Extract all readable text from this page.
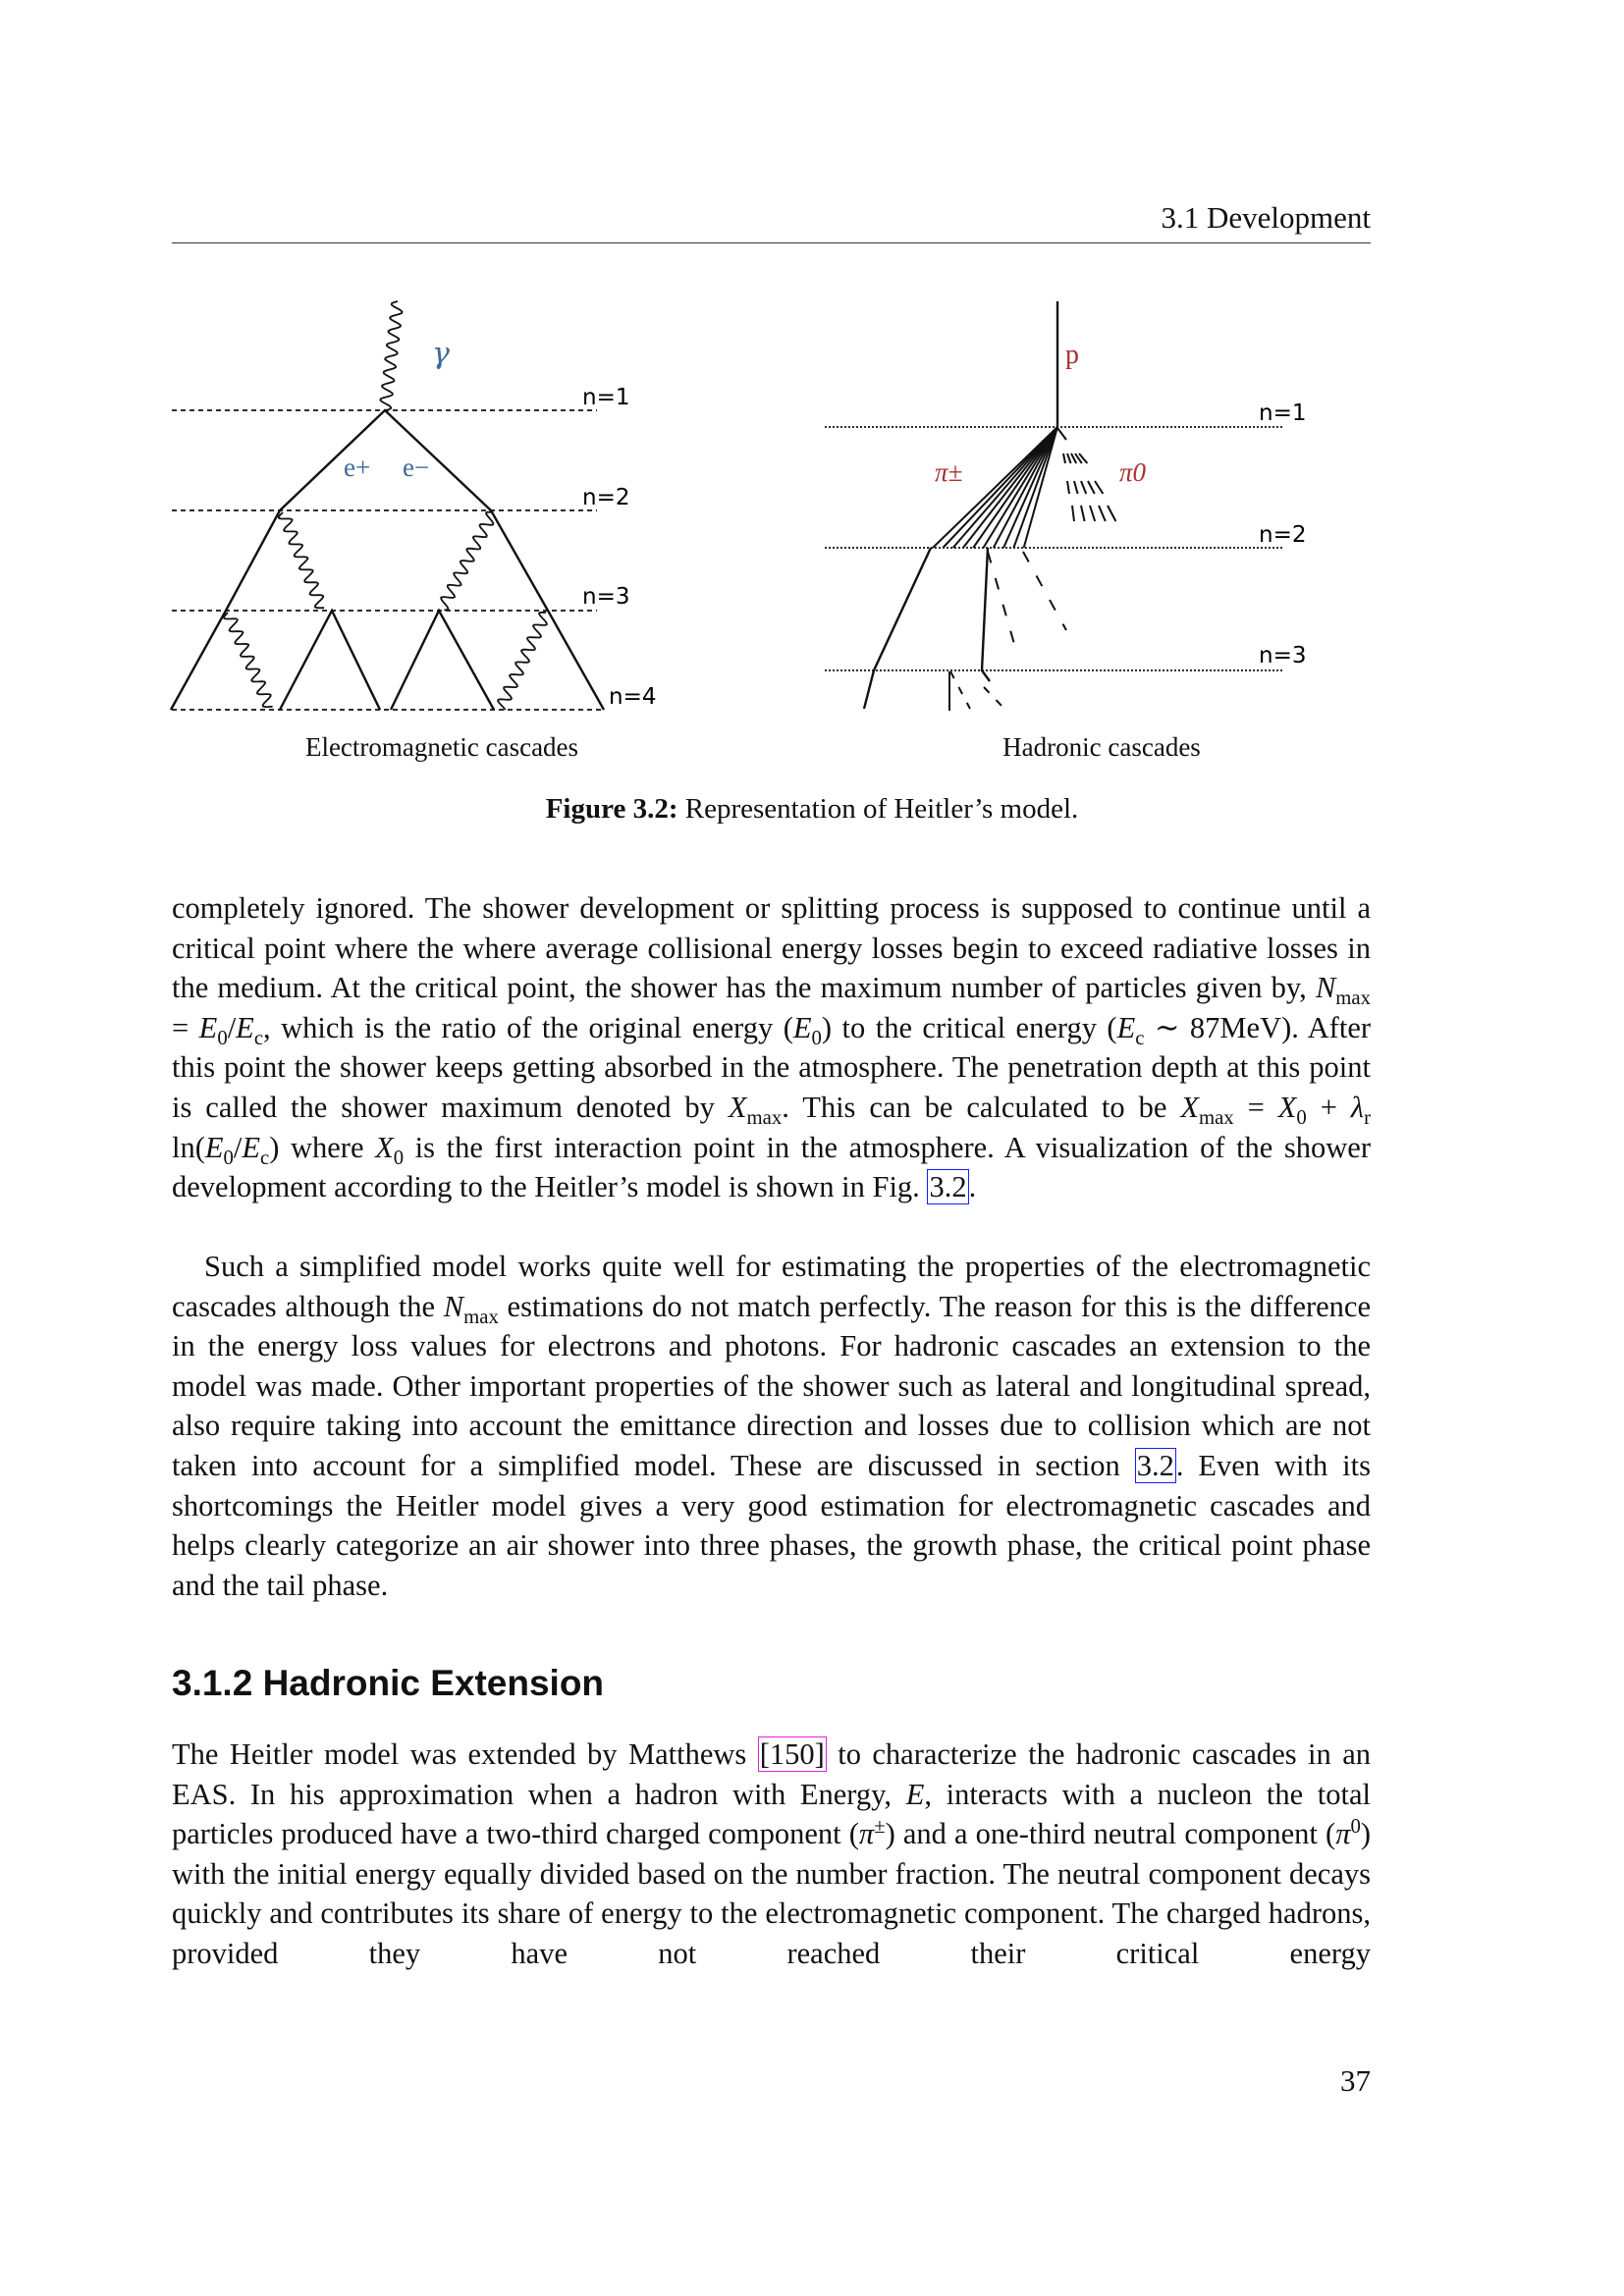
3.1 Development
γ
e+ e−
n=1
n=2
n=3
n=4
p
π±	π0
n=1
n=2
n=3
Electromagnetic cascades	Hadronic cascades
Figure 3.2: Representation of Heitler’s model.
completely ignored. The shower development or splitting process is supposed to continue until a critical point where the where average collisional energy losses begin to exceed radiative losses in the medium. At the critical point, the shower has the maximum number of particles given by, $N_{max} = E_0/E_c$, which is the ratio of the original energy $(E_0)$ to the critical energy ($E_c$ ∼ 87MeV). After this point the shower keeps getting absorbed in the atmosphere. The penetration depth at this point is called the shower maximum denoted by $X_{max}$. This can be calculated to be $X_{max} = X_0 + \lambda_r$ $\ln(E_0/E_c)$ where $X_0$ is the first interaction point in the atmosphere. A visualization of the shower development according to the Heitler’s model is shown in Fig. 3.2.
Such a simplified model works quite well for estimating the properties of the electromagnetic cascades although the $N_{max}$ estimations do not match perfectly. The reason for this is the difference in the energy loss values for electrons and photons. For hadronic cascades an extension to the model was made. Other important properties of the shower such as lateral and longitudinal spread, also require taking into account the emittance direction and losses due to collision which are not taken into account for a simplified model. These are discussed in section 3.2. Even with its shortcomings the Heitler model gives a very good estimation for electromagnetic cascades and helps clearly categorize an air shower into three phases, the growth phase, the critical point phase and the tail phase.
3.1.2 Hadronic Extension
The Heitler model was extended by Matthews [150] to characterize the hadronic cascades in an EAS. In his approximation when a hadron with Energy, E, interacts with a nucleon the total particles produced have a two-third charged component (π±) and a one-third neutral component $(\pi^0)$ with the initial energy equally divided based on the number fraction. The neutral component decays quickly and contributes its share of energy to the electromagnetic component. The charged hadrons, provided they have not reached their critical energy
37
